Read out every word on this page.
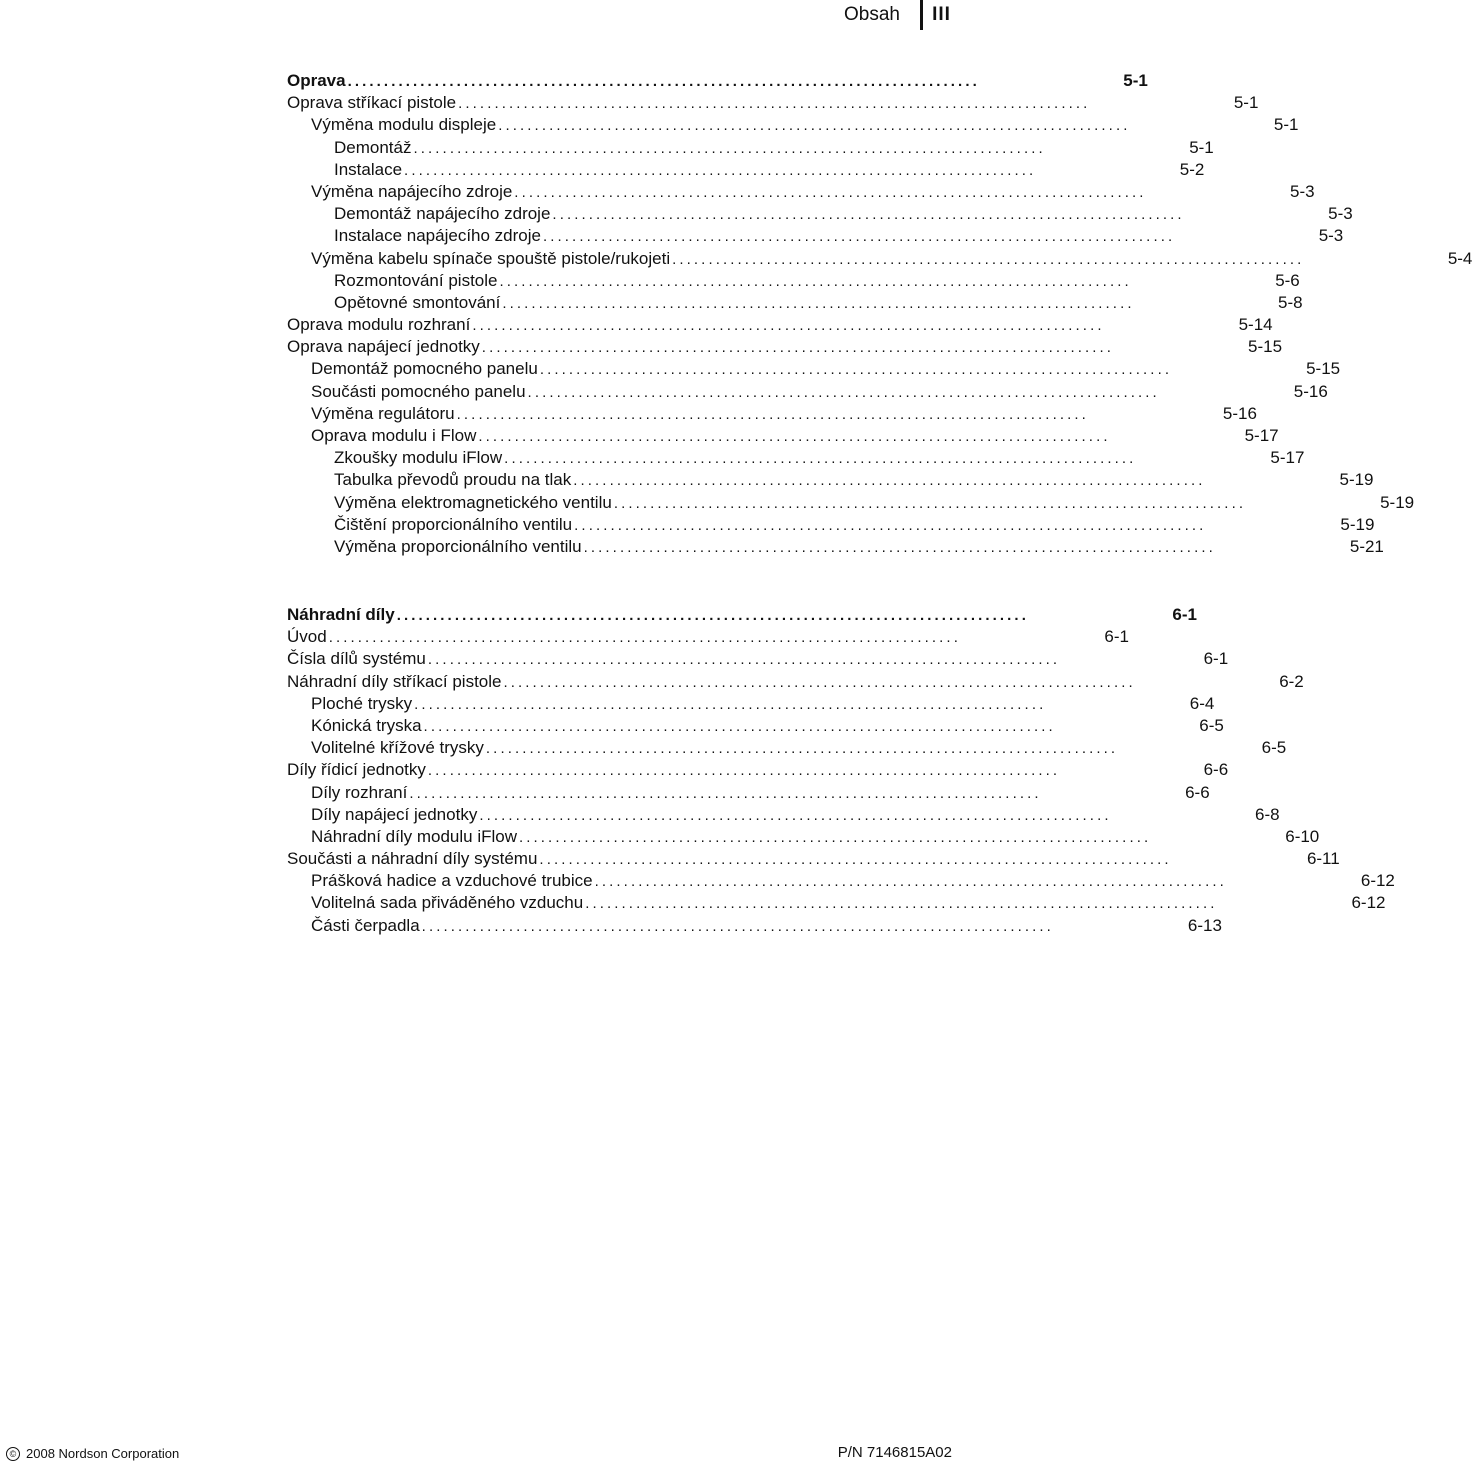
Obsah	III
Oprava .......................................................................................	5-1
Oprava stříkací pistole .......................................................................................	5-1
Výměna modulu displeje .......................................................................................	5-1
Demontáž .......................................................................................	5-1
Instalace .......................................................................................	5-2
Výměna napájecího zdroje .......................................................................................	5-3
Demontáž napájecího zdroje .......................................................................................	5-3
Instalace napájecího zdroje .......................................................................................	5-3
Výměna kabelu spínače spouště pistole/rukojeti .......................................................................................	5-4
Rozmontování pistole .......................................................................................	5-6
Opětovné smontování .......................................................................................	5-8
Oprava modulu rozhraní .......................................................................................	5-14
Oprava napájecí jednotky .......................................................................................	5-15
Demontáž pomocného panelu .......................................................................................	5-15
Součásti pomocného panelu .......................................................................................	5-16
Výměna regulátoru .......................................................................................	5-16
Oprava modulu i Flow .......................................................................................	5-17
Zkoušky modulu iFlow .......................................................................................	5-17
Tabulka převodů proudu na tlak .......................................................................................	5-19
Výměna elektromagnetického ventilu .......................................................................................	5-19
Čištění proporcionálního ventilu .......................................................................................	5-19
Výměna proporcionálního ventilu .......................................................................................	5-21
Náhradní díly .......................................................................................	6-1
Úvod .......................................................................................	6-1
Čísla dílů systému .......................................................................................	6-1
Náhradní díly stříkací pistole .......................................................................................	6-2
Ploché trysky .......................................................................................	6-4
Kónická tryska .......................................................................................	6-5
Volitelné křížové trysky .......................................................................................	6-5
Díly řídicí jednotky .......................................................................................	6-6
Díly rozhraní .......................................................................................	6-6
Díly napájecí jednotky .......................................................................................	6-8
Náhradní díly modulu iFlow .......................................................................................	6-10
Součásti a náhradní díly systému .......................................................................................	6-11
Prášková hadice a vzduchové trubice .......................................................................................	6-12
Volitelná sada přiváděného vzduchu .......................................................................................	6-12
Části čerpadla .......................................................................................	6-13
© 2008 Nordson Corporation	P/N 7146815A02
